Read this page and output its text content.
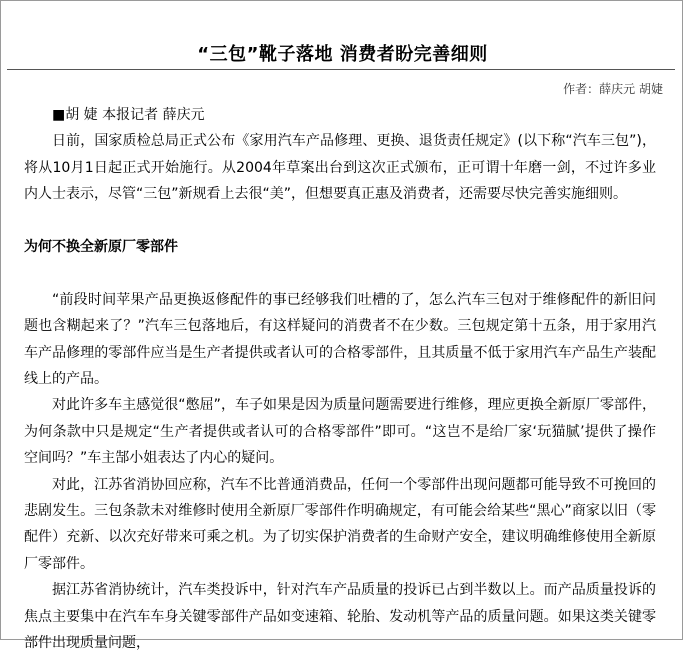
“三包”靴子落地 消费者盼完善细则
作者：薛庆元 胡婕

■胡 婕 本报记者 薛庆元

日前，国家质检总局正式公布《家用汽车产品修理、更换、退货责任规定》(以下称“汽车三包”)，将从10月1日起正式开始施行。从2004年草案出台到这次正式颁布，正可谓十年磨一剑，不过许多业内人士表示，尽管“三包”新规看上去很“美”，但想要真正惠及消费者，还需要尽快完善实施细则。

为何不换全新原厂零部件

“前段时间苹果产品更换返修配件的事已经够我们吐槽的了，怎么汽车三包对于维修配件的新旧问题也含糊起来了？”汽车三包落地后，有这样疑问的消费者不在少数。三包规定第十五条，用于家用汽车产品修理的零部件应当是生产者提供或者认可的合格零部件，且其质量不低于家用汽车产品生产装配线上的产品。

对此许多车主感觉很“憋屈”，车子如果是因为质量问题需要进行维修，理应更换全新原厂零部件，为何条款中只是规定“生产者提供或者认可的合格零部件”即可。“这岂不是给厂家‘玩猫腻’提供了操作空间吗？”车主郜小姐表达了内心的疑问。

对此，江苏省消协回应称，汽车不比普通消费品，任何一个零部件出现问题都可能导致不可挽回的悲剧发生。三包条款未对维修时使用全新原厂零部件作明确规定，有可能会给某些“黑心”商家以旧（零配件）充新、以次充好带来可乘之机。为了切实保护消费者的生命财产安全，建议明确维修使用全新原厂零部件。

据江苏省消协统计，汽车类投诉中，针对汽车产品质量的投诉已占到半数以上。而产品质量投诉的焦点主要集中在汽车车身关键零部件产品如变速箱、轮胎、发动机等产品的质量问题。如果这类关键零部件出现质量问题，
